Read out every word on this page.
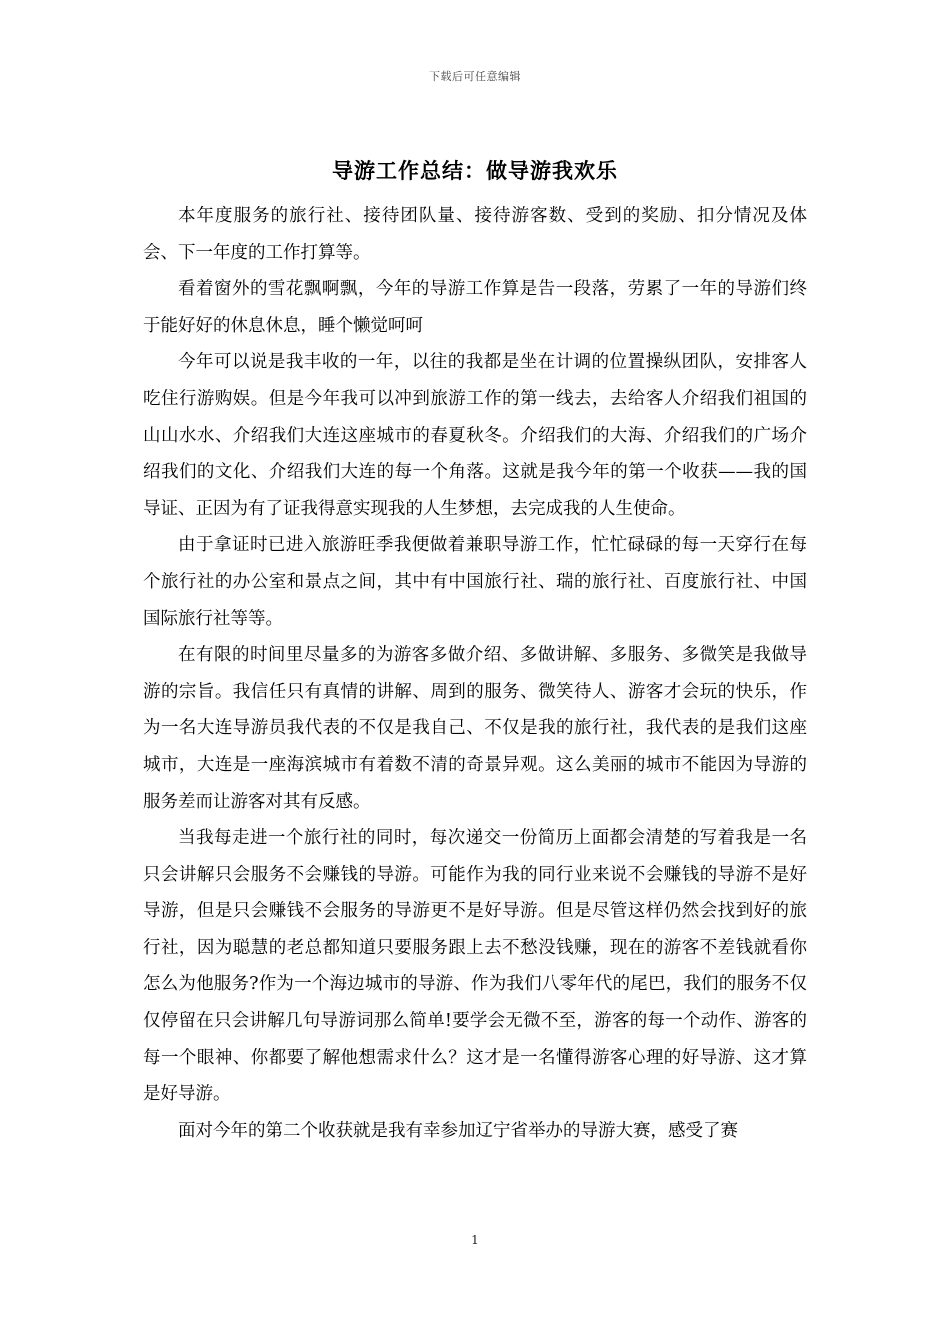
下载后可任意编辑
导游工作总结：做导游我欢乐

本年度服务的旅行社、接待团队量、接待游客数、受到的奖励、扣分情况及体会、下一年度的工作打算等。

看着窗外的雪花飘啊飘，今年的导游工作算是告一段落，劳累了一年的导游们终于能好好的休息休息，睡个懒觉呵呵

今年可以说是我丰收的一年，以往的我都是坐在计调的位置操纵团队，安排客人吃住行游购娱。但是今年我可以冲到旅游工作的第一线去，去给客人介绍我们祖国的山山水水、介绍我们大连这座城市的春夏秋冬。介绍我们的大海、介绍我们的广场介绍我们的文化、介绍我们大连的每一个角落。这就是我今年的第一个收获——我的国导证、正因为有了证我得意实现我的人生梦想，去完成我的人生使命。

由于拿证时已进入旅游旺季我便做着兼职导游工作，忙忙碌碌的每一天穿行在每个旅行社的办公室和景点之间，其中有中国旅行社、瑞的旅行社、百度旅行社、中国国际旅行社等等。

在有限的时间里尽量多的为游客多做介绍、多做讲解、多服务、多微笑是我做导游的宗旨。我信任只有真情的讲解、周到的服务、微笑待人、游客才会玩的快乐，作为一名大连导游员我代表的不仅是我自己、不仅是我的旅行社，我代表的是我们这座城市，大连是一座海滨城市有着数不清的奇景异观。这么美丽的城市不能因为导游的服务差而让游客对其有反感。

当我每走进一个旅行社的同时，每次递交一份简历上面都会清楚的写着我是一名只会讲解只会服务不会赚钱的导游。可能作为我的同行业来说不会赚钱的导游不是好导游，但是只会赚钱不会服务的导游更不是好导游。但是尽管这样仍然会找到好的旅行社，因为聪慧的老总都知道只要服务跟上去不愁没钱赚，现在的游客不差钱就看你怎么为他服务?作为一个海边城市的导游、作为我们八零年代的尾巴，我们的服务不仅仅停留在只会讲解几句导游词那么简单!要学会无微不至，游客的每一个动作、游客的每一个眼神、你都要了解他想需求什么？这才是一名懂得游客心理的好导游、这才算是好导游。

面对今年的第二个收获就是我有幸参加辽宁省举办的导游大赛，感受了赛

1
